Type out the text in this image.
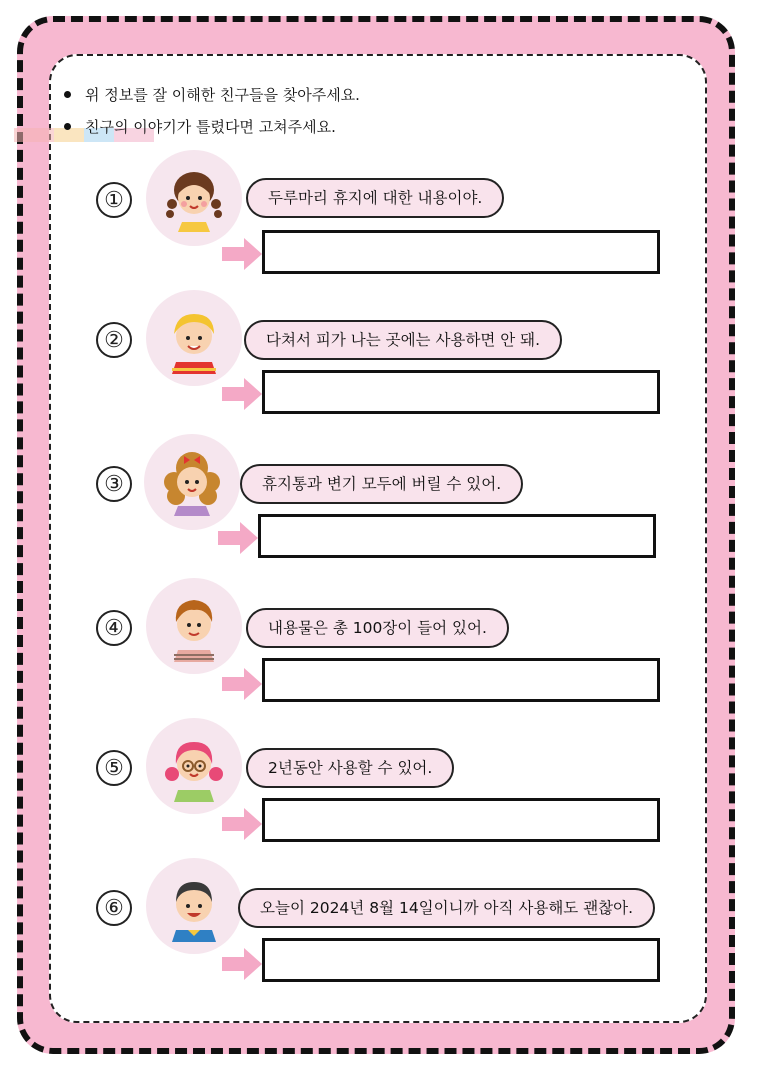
위 정보를 잘 이해한 친구들을 찾아주세요.
친구의 이야기가 틀렸다면 고쳐주세요.
①	두루마리 휴지에 대한 내용이야.
②	다쳐서 피가 나는 곳에는 사용하면 안 돼.
③	휴지통과 변기 모두에 버릴 수 있어.
④	내용물은 총 100장이 들어 있어.
⑤	2년동안 사용할 수 있어.
⑥	오늘이 2024년 8월 14일이니까 아직 사용해도 괜찮아.
